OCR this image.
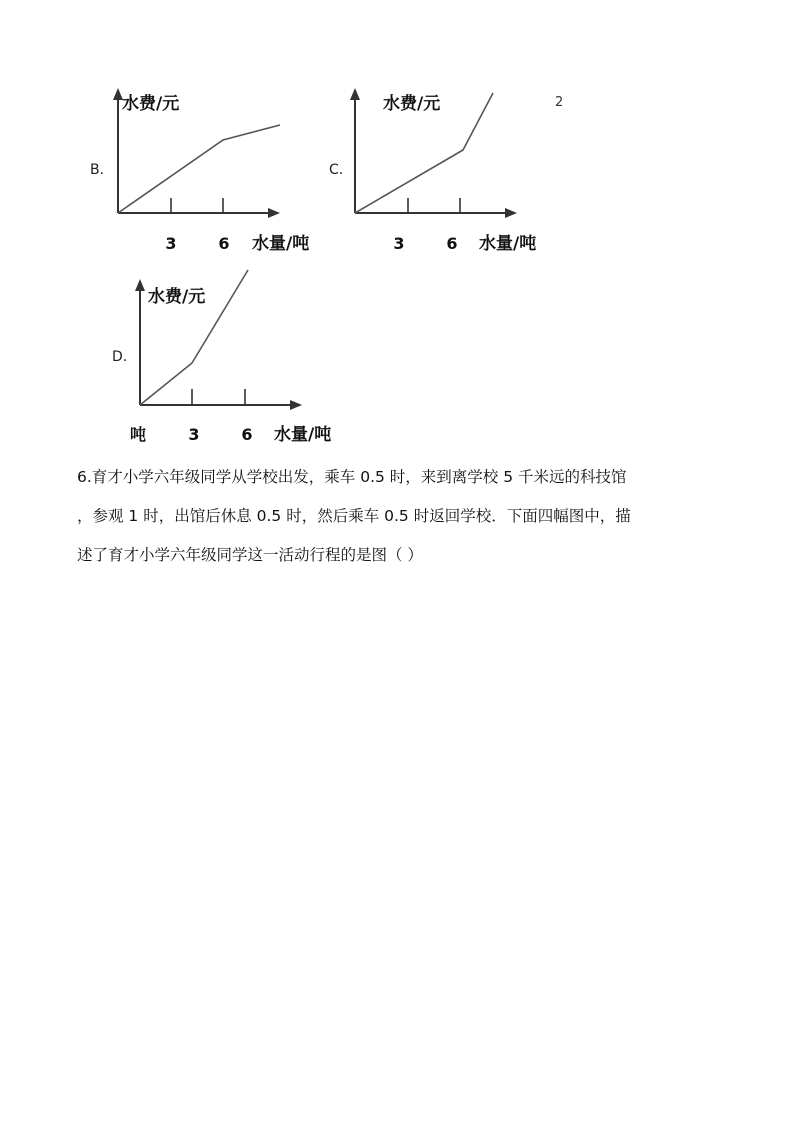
B.
水费/元
3	6 水量/吨
C.
2
水费/元
3	6 水量/吨
D.
水费/元
吨	3	6 水量/吨
6.育才小学六年级同学从学校出发，乘车 0.5 时，来到离学校 5 千米远的科技馆
，参观 1 时，出馆后休息 0.5 时，然后乘车 0.5 时返回学校．下面四幅图中，描
述了育才小学六年级同学这一活动行程的是图（ ）
